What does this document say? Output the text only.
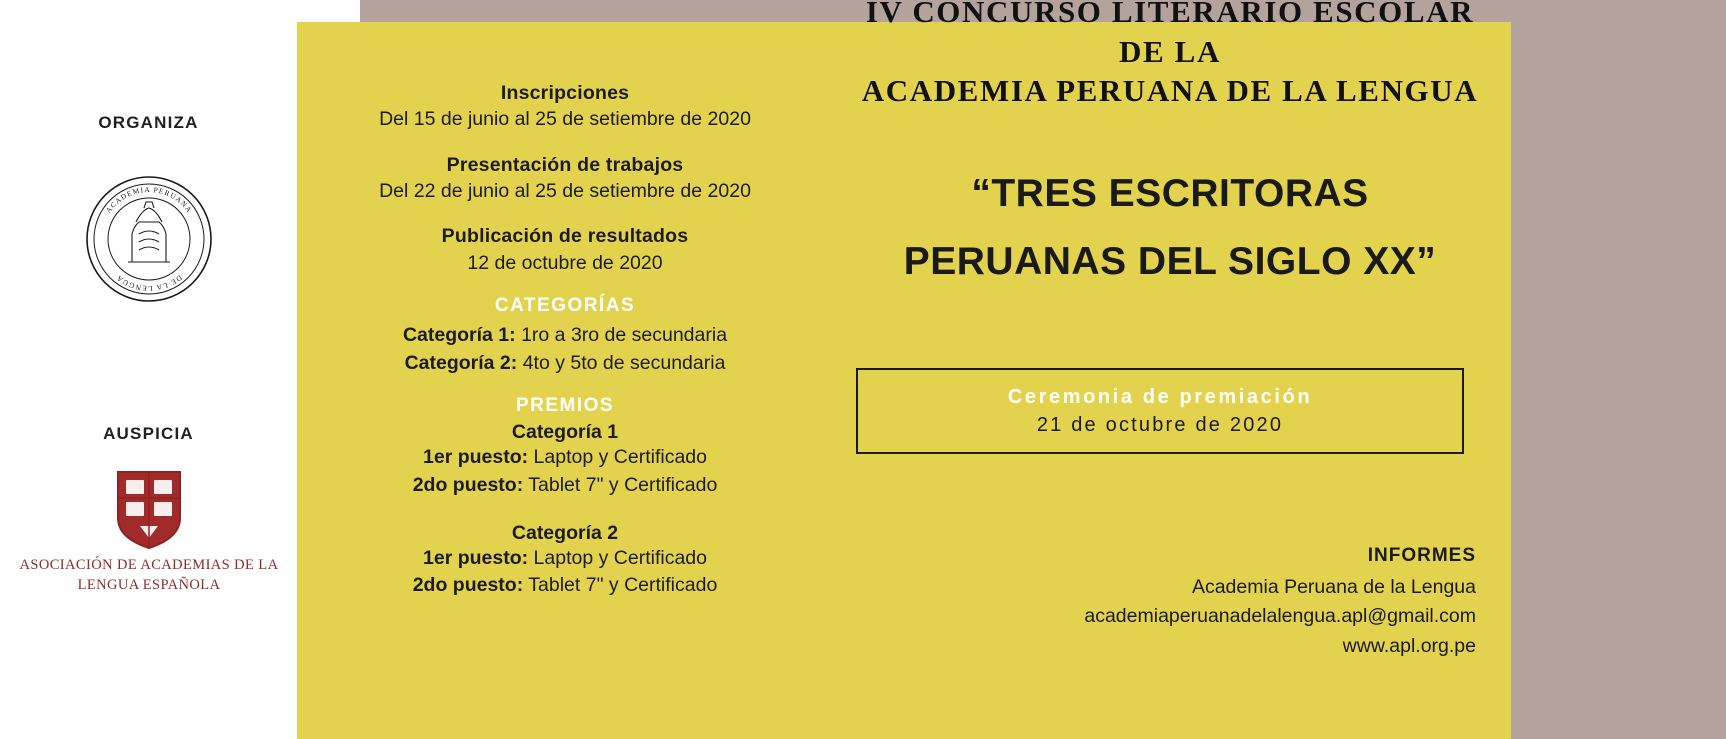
ORGANIZA
ACADEMIA PERUANA
DE LA LENGUA
AUSPICIA
ASOCIACIÓN DE ACADEMIAS DE LA
LENGUA ESPAÑOLA
Inscripciones
Del 15 de junio al 25 de setiembre de 2020
Presentación de trabajos
Del 22 de junio al 25 de setiembre de 2020
Publicación de resultados
12 de octubre de 2020
CATEGORÍAS
Categoría 1: 1ro a 3ro de secundaria
Categoría 2: 4to y 5to de secundaria
PREMIOS
Categoría 1
1er puesto: Laptop y Certificado
2do puesto: Tablet 7" y Certificado
Categoría 2
1er puesto: Laptop y Certificado
2do puesto: Tablet 7" y Certificado
IV CONCURSO LITERARIO ESCOLAR
DE LA
ACADEMIA PERUANA DE LA LENGUA
“TRES ESCRITORAS
PERUANAS DEL SIGLO XX”
Ceremonia de premiación
21 de octubre de 2020
INFORMES
Academia Peruana de la Lengua
academiaperuanadelalengua.apl@gmail.com
www.apl.org.pe
